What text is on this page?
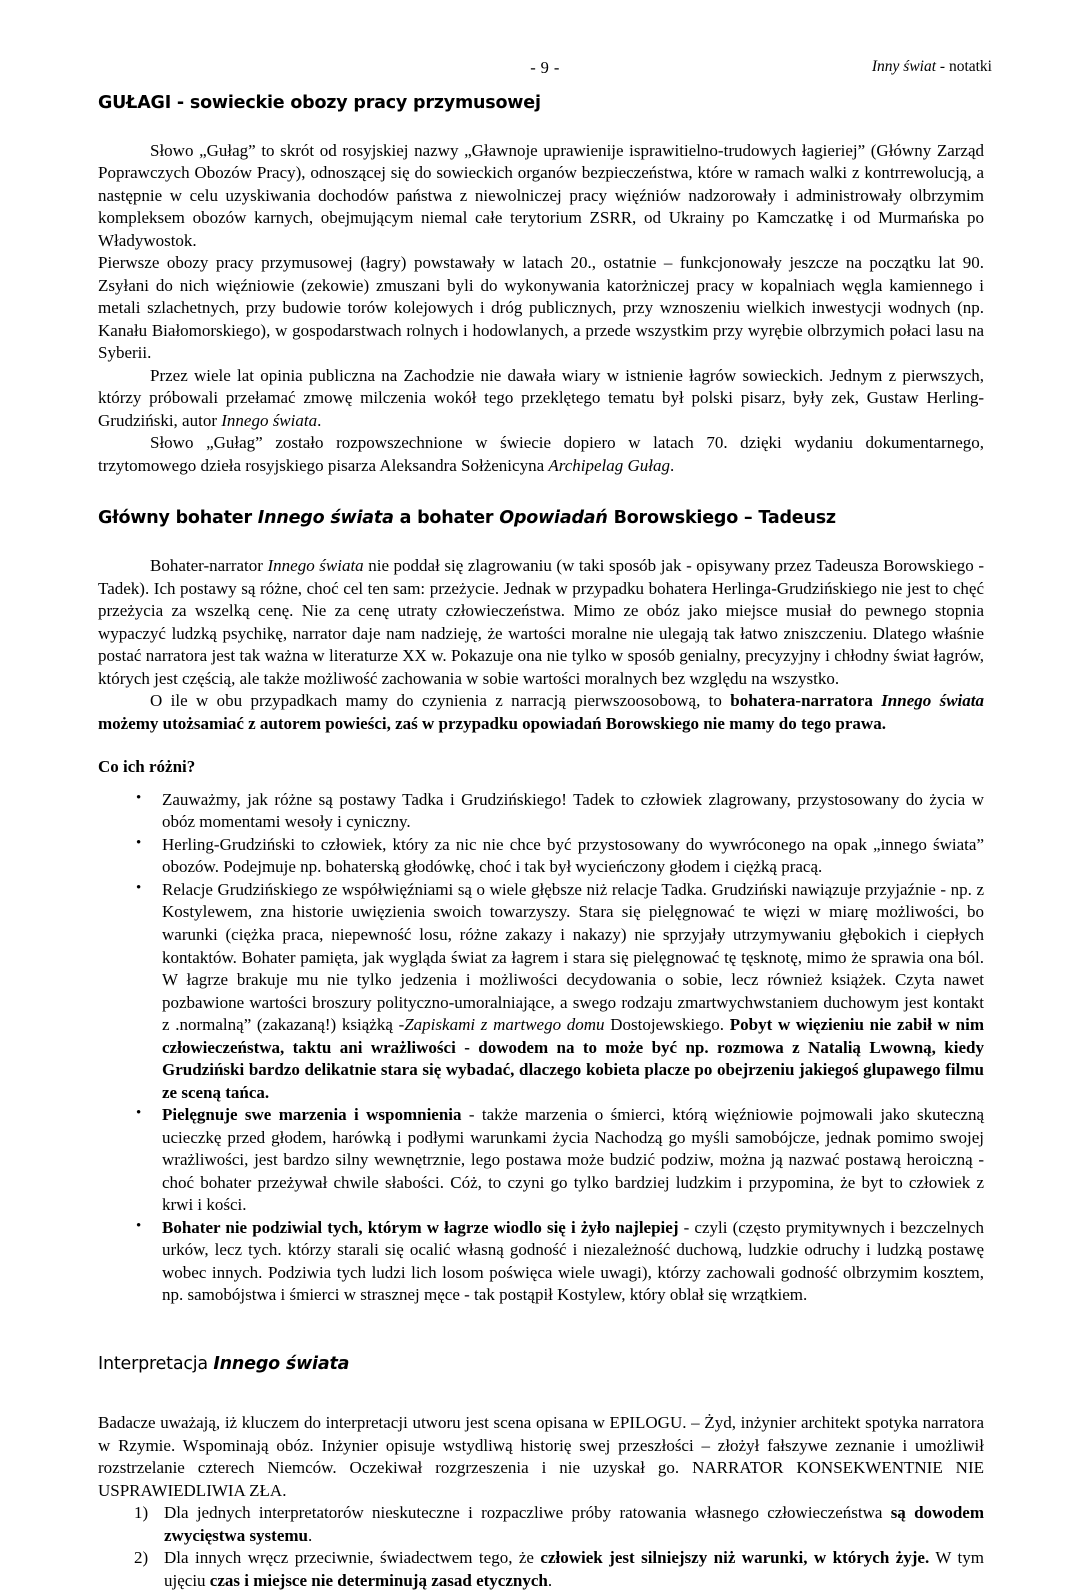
- 9 -	Inny świat - notatki
GUŁAGI - sowieckie obozy pracy przymusowej

Słowo „Gułag” to skrót od rosyjskiej nazwy „Gławnoje uprawienije isprawitielno-trudowych łagieriej” (Główny Zarząd Poprawczych Obozów Pracy), odnoszącej się do sowieckich organów bezpieczeństwa, które w ramach walki z kontrrewolucją, a następnie w celu uzyskiwania dochodów państwa z niewolniczej pracy więźniów nadzorowały i administrowały olbrzymim kompleksem obozów karnych, obejmującym niemal całe terytorium ZSRR, od Ukrainy po Kamczatkę i od Murmańska po Władywostok.

Pierwsze obozy pracy przymusowej (łagry) powstawały w latach 20., ostatnie – funkcjonowały jeszcze na początku lat 90. Zsyłani do nich więźniowie (zekowie) zmuszani byli do wykonywania katorżniczej pracy w kopalniach węgla kamiennego i metali szlachetnych, przy budowie torów kolejowych i dróg publicznych, przy wznoszeniu wielkich inwestycji wodnych (np. Kanału Białomorskiego), w gospodarstwach rolnych i hodowlanych, a przede wszystkim przy wyrębie olbrzymich połaci lasu na Syberii.

Przez wiele lat opinia publiczna na Zachodzie nie dawała wiary w istnienie łagrów sowieckich. Jednym z pierwszych, którzy próbowali przełamać zmowę milczenia wokół tego przeklętego tematu był polski pisarz, były zek, Gustaw Herling-Grudziński, autor Innego świata.

Słowo „Gułag” zostało rozpowszechnione w świecie dopiero w latach 70. dzięki wydaniu dokumentarnego, trzytomowego dzieła rosyjskiego pisarza Aleksandra Sołżenicyna Archipelag Gułag.

Główny bohater Innego świata a bohater Opowiadań Borowskiego – Tadeusz

Bohater-narrator Innego świata nie poddał się zlagrowaniu (w taki sposób jak - opisywany przez Tadeusza Borowskiego - Tadek). Ich postawy są różne, choć cel ten sam: przeżycie. Jednak w przypadku bohatera Herlinga-Grudzińskiego nie jest to chęć przeżycia za wszelką cenę. Nie za cenę utraty człowieczeństwa. Mimo ze obóz jako miejsce musiał do pewnego stopnia wypaczyć ludzką psychikę, narrator daje nam nadzieję, że wartości moralne nie ulegają tak łatwo zniszczeniu. Dlatego właśnie postać narratora jest tak ważna w literaturze XX w. Pokazuje ona nie tylko w sposób genialny, precyzyjny i chłodny świat łagrów, których jest częścią, ale także możliwość zachowania w sobie wartości moralnych bez względu na wszystko.

O ile w obu przypadkach mamy do czynienia z narracją pierwszoosobową, to bohatera-narratora Innego świata możemy utożsamiać z autorem powieści, zaś w przypadku opowiadań Borowskiego nie mamy do tego prawa.

Co ich różni?
• Zauważmy, jak różne są postawy Tadka i Grudzińskiego! Tadek to człowiek zlagrowany, przystosowany do życia w obóz momentami wesoły i cyniczny.
• Herling-Grudziński to człowiek, który za nic nie chce być przystosowany do wywróconego na opak „innego świata” obozów. Podejmuje np. bohaterską głodówkę, choć i tak był wycieńczony głodem i ciężką pracą.
• Relacje Grudzińskiego ze współwięźniami są o wiele głębsze niż relacje Tadka. Grudziński nawiązuje przyjaźnie - np. z Kostylewem, zna historie uwięzienia swoich towarzyszy. Stara się pielęgnować te więzi w miarę możliwości, bo warunki (ciężka praca, niepewność losu, różne zakazy i nakazy) nie sprzyjały utrzymywaniu głębokich i ciepłych kontaktów. Bohater pamięta, jak wygląda świat za łagrem i stara się pielęgnować tę tęsknotę, mimo że sprawia ona ból. W łagrze brakuje mu nie tylko jedzenia i możliwości decydowania o sobie, lecz również książek. Czyta nawet pozbawione wartości broszury polityczno-umoralniające, a swego rodzaju zmartwychwstaniem duchowym jest kontakt z .normalną” (zakazaną!) książką -Zapiskami z martwego domu Dostojewskiego. Pobyt w więzieniu nie zabił w nim człowieczeństwa, taktu ani wrażliwości - dowodem na to może być np. rozmowa z Natalią Lwowną, kiedy Grudziński bardzo delikatnie stara się wybadać, dlaczego kobieta placze po obejrzeniu jakiegoś glupawego filmu ze sceną tańca.
• Pielęgnuje swe marzenia i wspomnienia - także marzenia o śmierci, którą więźniowie pojmowali jako skuteczną ucieczkę przed głodem, harówką i podłymi warunkami życia Nachodzą go myśli samobójcze, jednak pomimo swojej wrażliwości, jest bardzo silny wewnętrznie, lego postawa może budzić podziw, można ją nazwać postawą heroiczną - choć bohater przeżywał chwile słabości. Cóż, to czyni go tylko bardziej ludzkim i przypomina, że byt to człowiek z krwi i kości.
• Bohater nie podziwial tych, którym w łagrze wiodlo się i żyło najlepiej - czyli (często prymitywnych i bezczelnych urków, lecz tych. którzy starali się ocalić własną godność i niezależność duchową, ludzkie odruchy i ludzką postawę wobec innych. Podziwia tych ludzi lich losom poświęca wiele uwagi), którzy zachowali godność olbrzymim kosztem, np. samobójstwa i śmierci w strasznej męce - tak postąpił Kostylew, który oblał się wrzątkiem.
Interpretacja Innego świata

Badacze uważają, iż kluczem do interpretacji utworu jest scena opisana w EPILOGU. – Żyd, inżynier architekt spotyka narratora w Rzymie. Wspominają obóz. Inżynier opisuje wstydliwą historię swej przeszłości – złożył fałszywe zeznanie i umożliwił rozstrzelanie czterech Niemców. Oczekiwał rozgrzeszenia i nie uzyskał go. NARRATOR KONSEKWENTNIE NIE USPRAWIEDLIWIA ZŁA.

1) Dla jednych interpretatorów nieskuteczne i rozpaczliwe próby ratowania własnego człowieczeństwa są dowodem zwycięstwa systemu.
2) Dla innych wręcz przeciwnie, świadectwem tego, że człowiek jest silniejszy niż warunki, w których żyje. W tym ujęciu czas i miejsce nie determinują zasad etycznych.
